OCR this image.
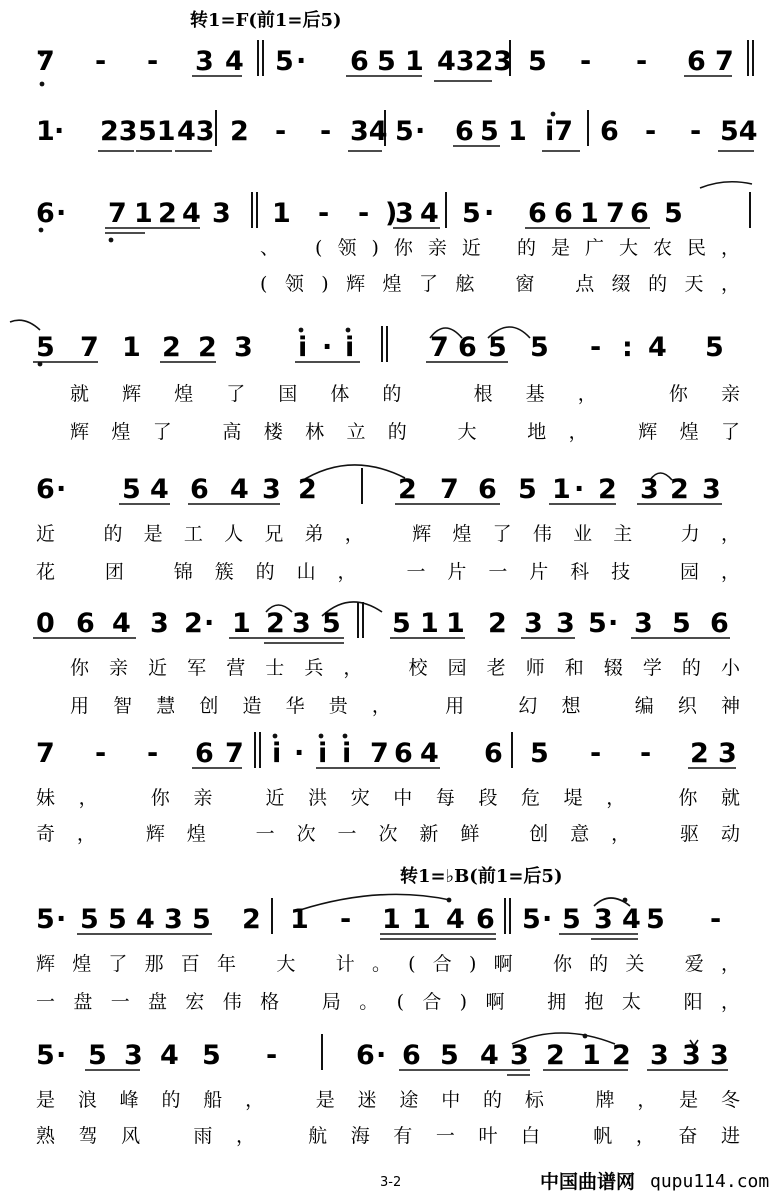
7 - - 3 4 5 · 6 5 1 4323 5 - - 6 7
1 · 23 51 43 2 - - 34 5 · 6 5 1 i7 6 - - 54
6 · 7 1 2 4 3 1 - - )
3 4 5 · 6 6 1 7 6 5
5 7 1 2 2 3 i · i	7 6 5 5 - : 4 5
6 · 5 4 6 4 3 2	2 7 6 5 1 · 2 3 2 3
0 6 4 3 2 · 1 2 3 5 5 1 1 2 3 3 5 · 3 5 6
7 - - 6 7 i · i i 7 6 4 6 5 - - 2 3
5 · 5 5 4 3 5 2 1 - 1 1 4 6 5 · 5 3 4 5 -
5 · 5 3 4 5 -	6 · 6 5 4 3 2 1 2 3 3 3
、 (领)你亲近 的是广大农民，
(领)辉煌了舷 窗 点缀的天，
就辉煌了国体的 根基， 你亲
辉煌了 高楼林立的 大 地， 辉煌了
近 的是工人兄弟， 辉煌了伟业主 力，
花 团 锦簇的山， 一片一片科技 园，
你亲近军营士兵， 校园老师和辍学的小
用智慧创造华贵， 用 幻想 编织神
妹， 你亲 近洪灾中每段危堤， 你就
奇， 辉煌 一次一次新鲜 创意， 驱动
辉煌了那百年 大 计。(合)啊 你的关 爱，
一盘一盘宏伟格 局。(合)啊 拥抱太 阳，
是浪峰的船， 是迷途中的标 牌，是冬
熟驾风 雨， 航海有一叶白 帆，奋进
转1=F(前1=后5)
转1=♭B(前1=后5)
3-2	中国曲谱网 qupu114.com
